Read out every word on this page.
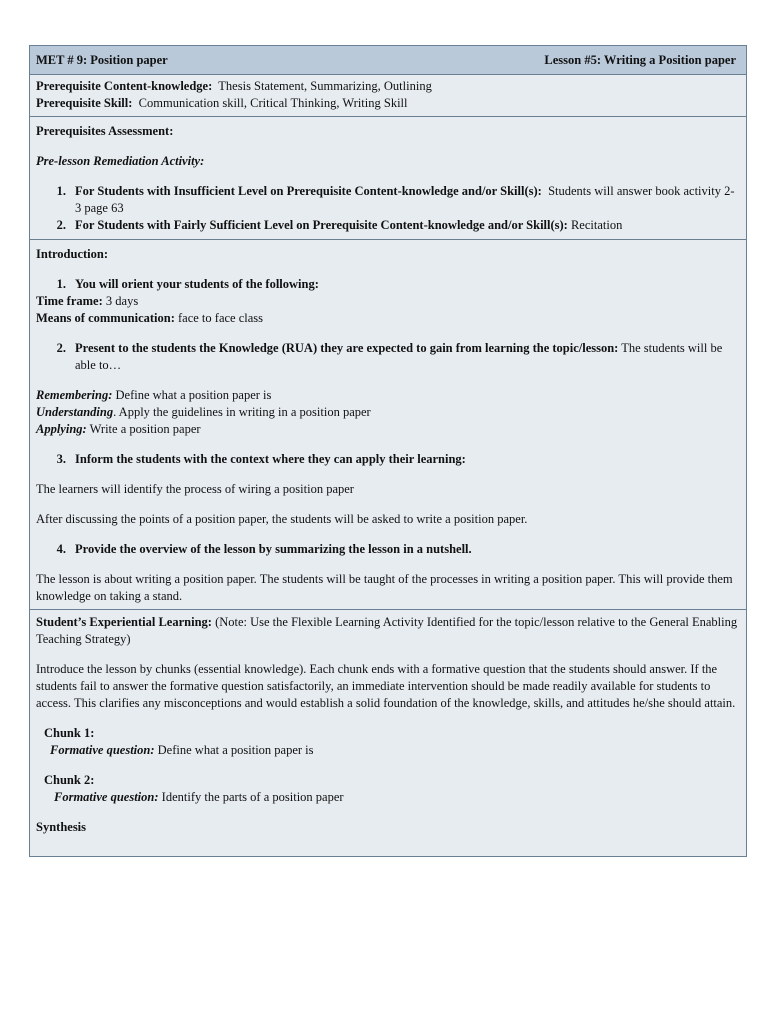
MET # 9: Position paper	Lesson #5: Writing a Position paper

Prerequisite Content-knowledge: Thesis Statement, Summarizing, Outlining

Prerequisite Skill: Communication skill, Critical Thinking, Writing Skill

Prerequisites Assessment:

Pre-lesson Remediation Activity:

1. For Students with Insufficient Level on Prerequisite Content-knowledge and/or Skill(s): Students will answer book activity 2-3 page 63
2. For Students with Fairly Sufficient Level on Prerequisite Content-knowledge and/or Skill(s): Recitation

Introduction:

1. You will orient your students of the following:

Time frame: 3 days

Means of communication: face to face class

2. Present to the students the Knowledge (RUA) they are expected to gain from learning the topic/lesson: The students will be able to…

Remembering: Define what a position paper is

Understanding. Apply the guidelines in writing in a position paper

Applying: Write a position paper

3. Inform the students with the context where they can apply their learning:

The learners will identify the process of wiring a position paper

After discussing the points of a position paper, the students will be asked to write a position paper.

4. Provide the overview of the lesson by summarizing the lesson in a nutshell.

The lesson is about writing a position paper. The students will be taught of the processes in writing a position paper. This will provide them knowledge on taking a stand.

Student’s Experiential Learning: (Note: Use the Flexible Learning Activity Identified for the topic/lesson relative to the General Enabling Teaching Strategy)

Introduce the lesson by chunks (essential knowledge). Each chunk ends with a formative question that the students should answer. If the students fail to answer the formative question satisfactorily, an immediate intervention should be made readily available for students to access. This clarifies any misconceptions and would establish a solid foundation of the knowledge, skills, and attitudes he/she should attain.

Chunk 1:

Formative question: Define what a position paper is

Chunk 2:

Formative question: Identify the parts of a position paper

Synthesis
